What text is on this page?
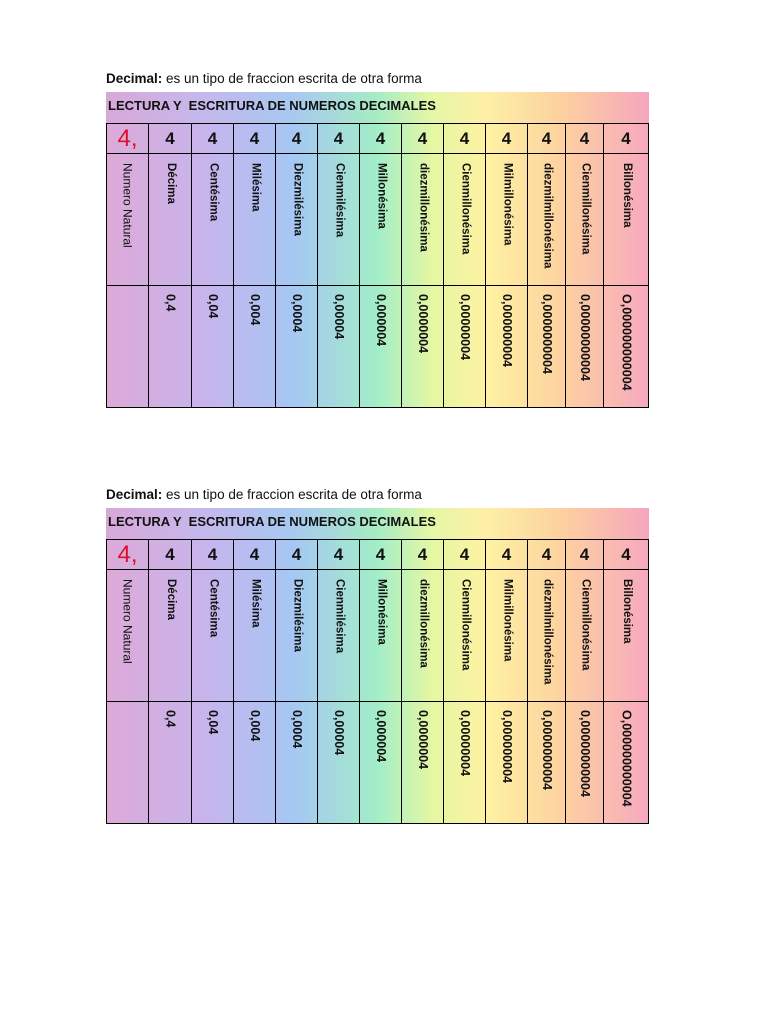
Decimal: es un tipo de fraccion escrita de otra forma
LECTURA Y  ESCRITURA DE NUMEROS DECIMALES
4,	4	4	4	4	4	4	4	4	4	4	4	4
Numero Natural	Décima	Centésima	Milésima	Diezmilésima	Cienmilésima	Millonésima	diezmillonésima	Cienmillonésima	Milmillonésima	diezmilmillonésima	Cienmillonésima	Billonésima
	0,4	0,04	0,004	0,0004	0,00004	0,000004	0,0000004	0,00000004	0,000000004	0,0000000004	0,00000000004	O,000000000004
Decimal: es un tipo de fraccion escrita de otra forma
LECTURA Y  ESCRITURA DE NUMEROS DECIMALES
4,	4	4	4	4	4	4	4	4	4	4	4	4
Numero Natural	Décima	Centésima	Milésima	Diezmilésima	Cienmilésima	Millonésima	diezmillonésima	Cienmillonésima	Milmillonésima	diezmilmillonésima	Cienmillonésima	Billonésima
	0,4	0,04	0,004	0,0004	0,00004	0,000004	0,0000004	0,00000004	0,000000004	0,0000000004	0,00000000004	O,000000000004
